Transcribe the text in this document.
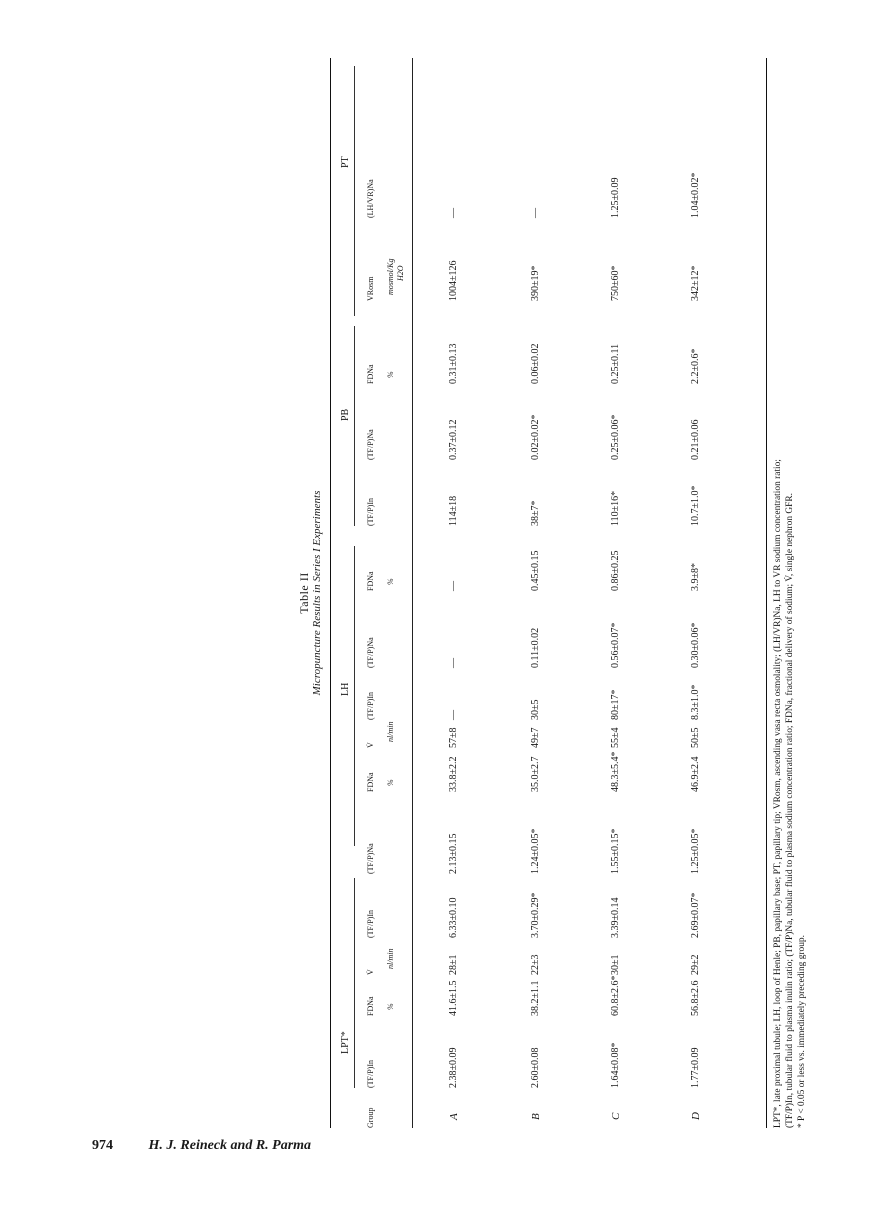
974	H. J. Reineck and R. Parma
Table II Micropuncture Results in Series I Experiments
LPT*
LH
PB
PT
Group
(TF/P)In
FDNa
V̇
(TF/P)In
(TF/P)Na
FDNa
V̇
(TF/P)In
(TF/P)Na
FDNa
(TF/P)In
(TF/P)Na
FDNa
VRosm
(LH/VR)Na
%
nl/min
%
nl/min
%
%
mosmol/Kg H2O
A
2.38±0.09
41.6±1.5
28±1
6.33±0.10
2.13±0.15
33.8±2.2
57±8
—
—
—
114±18
0.37±0.12
0.31±0.13
1004±126
—
B
2.60±0.08
38.2±1.1
22±3
3.70±0.29*
1.24±0.05*
35.0±2.7
49±7
30±5
0.11±0.02
0.45±0.15
38±7*
0.02±0.02*
0.06±0.02
390±19*
—
C
1.64±0.08*
60.8±2.6*
30±1
3.39±0.14
1.55±0.15*
48.3±5.4*
55±4
80±17*
0.56±0.07*
0.86±0.25
110±16*
0.25±0.06*
0.25±0.11
750±60*
1.25±0.09
D
1.77±0.09
56.8±2.6
29±2
2.69±0.07*
1.25±0.05*
46.9±2.4
50±5
8.3±1.0*
0.30±0.06*
3.9±8*
10.7±1.0*
0.21±0.06
2.2±0.6*
342±12*
1.04±0.02*
LPT*, late proximal tubule; LH, loop of Henle; PB, papillary base; PT, papillary tip; VRosm, ascending vasa recta osmolality; (LH/VR)Na, LH to VR sodium concentration ratio; (TF/P)In, tubular fluid to plasma inulin ratio; (TF/P)Na, tubular fluid to plasma sodium concentration ratio; FDNa, fractional delivery of sodium; V̇, single nephron GFR. * P < 0.05 or less vs. immediately preceding group.
